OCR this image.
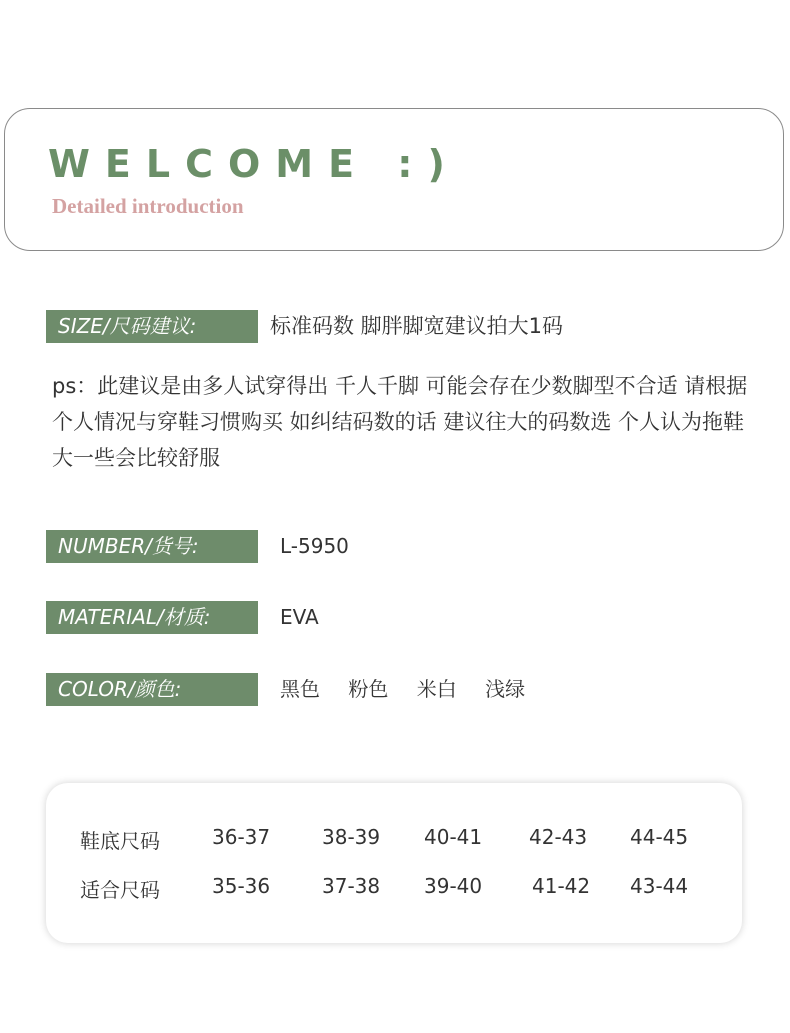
WELCOME :)
Detailed introduction
SIZE/尺码建议:	标准码数 脚胖脚宽建议拍大1码
ps：此建议是由多人试穿得出 千人千脚 可能会存在少数脚型不合适 请根据个人情况与穿鞋习惯购买 如纠结码数的话 建议往大的码数选 个人认为拖鞋大一些会比较舒服
NUMBER/货号:	L-5950
MATERIAL/材质:	EVA
COLOR/颜色:	黑色 粉色 米白 浅绿
鞋底尺码	36-37	38-39 40-41 42-43 44-45
适合尺码	35-36	37-38 39-40 41-42 43-44
